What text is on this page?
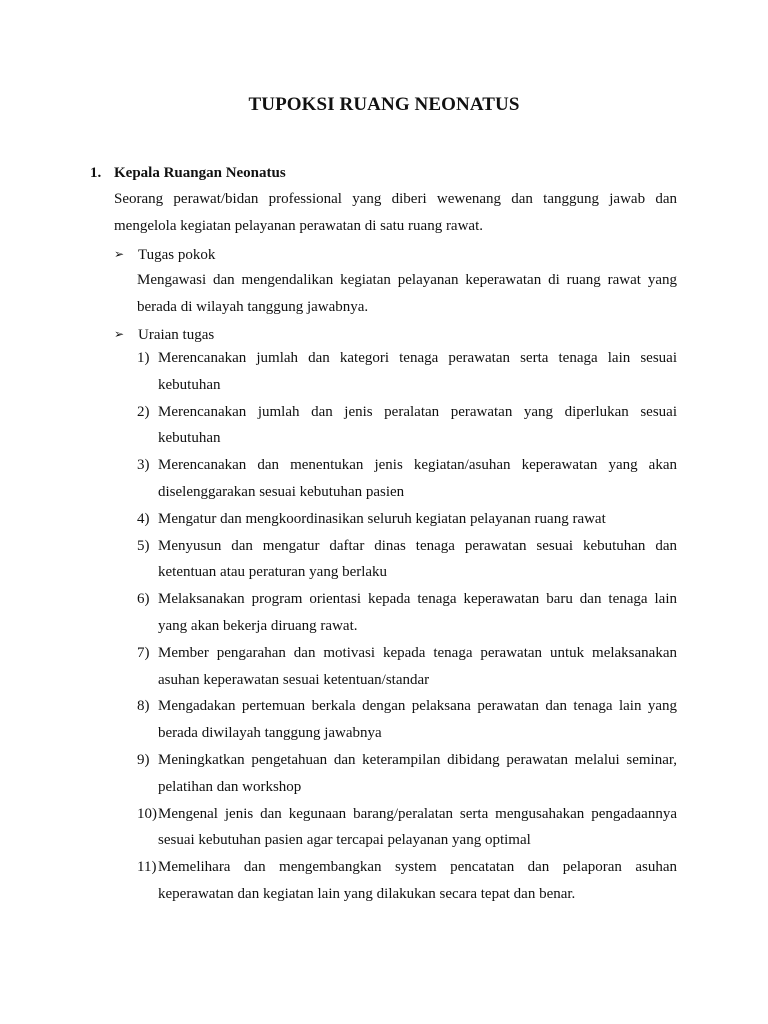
TUPOKSI RUANG NEONATUS
1. Kepala Ruangan Neonatus

Seorang perawat/bidan professional yang diberi wewenang dan tanggung jawab dan mengelola kegiatan pelayanan perawatan di satu ruang rawat.

➢ Tugas pokok

Mengawasi dan mengendalikan kegiatan pelayanan keperawatan di ruang rawat yang berada di wilayah tanggung jawabnya.

➢ Uraian tugas
1) Merencanakan jumlah dan kategori tenaga perawatan serta tenaga lain sesuai kebutuhan
2) Merencanakan jumlah dan jenis peralatan perawatan yang diperlukan sesuai kebutuhan
3) Merencanakan dan menentukan jenis kegiatan/asuhan keperawatan yang akan diselenggarakan sesuai kebutuhan pasien
4) Mengatur dan mengkoordinasikan seluruh kegiatan pelayanan ruang rawat
5) Menyusun dan mengatur daftar dinas tenaga perawatan sesuai kebutuhan dan ketentuan atau peraturan yang berlaku
6) Melaksanakan program orientasi kepada tenaga keperawatan baru dan tenaga lain yang akan bekerja diruang rawat.
7) Member pengarahan dan motivasi kepada tenaga perawatan untuk melaksanakan asuhan keperawatan sesuai ketentuan/standar
8) Mengadakan pertemuan berkala dengan pelaksana perawatan dan tenaga lain yang berada diwilayah tanggung jawabnya
9) Meningkatkan pengetahuan dan keterampilan dibidang perawatan melalui seminar, pelatihan dan workshop
10) Mengenal jenis dan kegunaan barang/peralatan serta mengusahakan pengadaannya sesuai kebutuhan pasien agar tercapai pelayanan yang optimal
11) Memelihara dan mengembangkan system pencatatan dan pelaporan asuhan keperawatan dan kegiatan lain yang dilakukan secara tepat dan benar.
